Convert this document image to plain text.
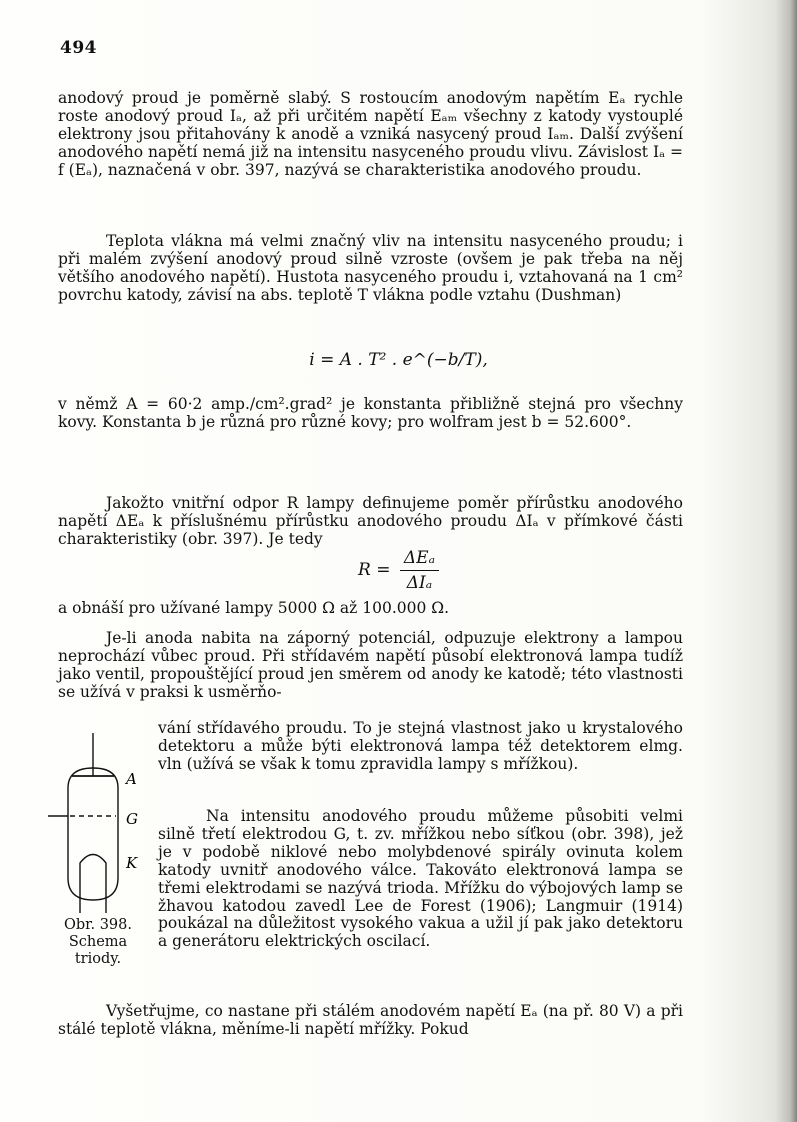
494
anodový proud je poměrně slabý. S rostoucím anodovým napětím Eₐ rychle roste anodový proud Iₐ, až při určitém napětí Eₐₘ všechny z katody vystouplé elektrony jsou přitahovány k anodě a vzniká nasycený proud Iₐₘ. Další zvýšení anodového napětí nemá již na intensitu nasyceného proudu vlivu. Závislost Iₐ = f (Eₐ), naznačená v obr. 397, nazývá se charakteristika anodového proudu.
Teplota vlákna má velmi značný vliv na intensitu nasyceného proudu; i při malém zvýšení anodový proud silně vzroste (ovšem je pak třeba na něj většího anodového napětí). Hustota nasyceného proudu i, vztahovaná na 1 cm² povrchu katody, závisí na abs. teplotě T vlákna podle vztahu (Dushman)
i = A . T² . e^(−b/T),
v němž A = 60·2 amp./cm².grad² je konstanta přibližně stejná pro všechny kovy. Konstanta b je různá pro různé kovy; pro wolfram jest b = 52.600°.
Jakožto vnitřní odpor R lampy definujeme poměr přírůstku anodového napětí ΔEₐ k příslušnému přírůstku anodového proudu ΔIₐ v přímkové části charakteristiky (obr. 397). Je tedy
$R = \frac{\text{ΔEₐ}}{\text{ΔIₐ}}$
a obnáší pro užívané lampy 5000 Ω až 100.000 Ω.
Je-li anoda nabita na záporný potenciál, odpuzuje elektrony a lampou neprochází vůbec proud. Při střídavém napětí působí elektronová lampa tudíž jako ventil, propouštějící proud jen směrem od anody ke katodě; této vlastnosti se užívá v praksi k usměrňo-
vání střídavého proudu. To je stejná vlastnost jako u krystalového detektoru a může býti elektronová lampa též detektorem elmg. vln (užívá se však k tomu zpravidla lampy s mřížkou).
A
G
K
Obr. 398.
Schema
triody.
Na intensitu anodového proudu můžeme působiti velmi silně třetí elektrodou G, t. zv. mřížkou nebo síťkou (obr. 398), jež je v podobě niklové nebo molybdenové spirály ovinuta kolem katody uvnitř anodového válce. Takováto elektronová lampa se třemi elektrodami se nazývá trioda. Mřížku do výbojových lamp se žhavou katodou zavedl Lee de Forest (1906); Langmuir (1914) poukázal na důležitost vysokého vakua a užil jí pak jako detektoru a generátoru elektrických oscilací.
Vyšetřujme, co nastane při stálém anodovém napětí Eₐ (na př. 80 V) a při stálé teplotě vlákna, měníme-li napětí mřížky. Pokud
